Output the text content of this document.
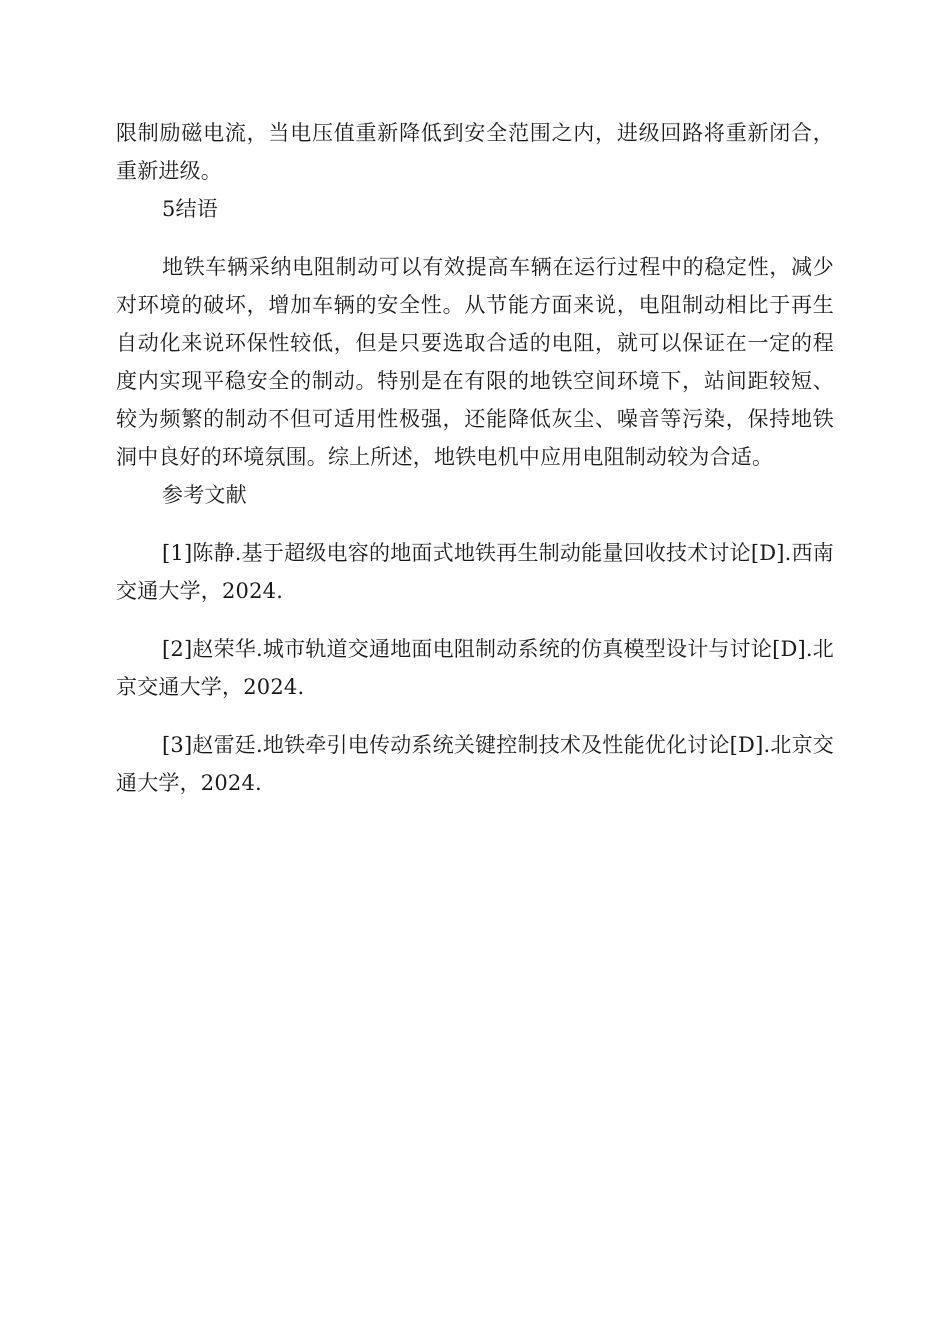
限制励磁电流，当电压值重新降低到安全范围之内，进级回路将重新闭合，重新进级。

5结语

地铁车辆采纳电阻制动可以有效提高车辆在运行过程中的稳定性，减少对环境的破坏，增加车辆的安全性。从节能方面来说，电阻制动相比于再生自动化来说环保性较低，但是只要选取合适的电阻，就可以保证在一定的程度内实现平稳安全的制动。特别是在有限的地铁空间环境下，站间距较短、较为频繁的制动不但可适用性极强，还能降低灰尘、噪音等污染，保持地铁洞中良好的环境氛围。综上所述，地铁电机中应用电阻制动较为合适。

参考文献

[1]陈静.基于超级电容的地面式地铁再生制动能量回收技术讨论[D].西南交通大学，2024.

[2]赵荣华.城市轨道交通地面电阻制动系统的仿真模型设计与讨论[D].北京交通大学，2024.

[3]赵雷廷.地铁牵引电传动系统关键控制技术及性能优化讨论[D].北京交通大学，2024.
